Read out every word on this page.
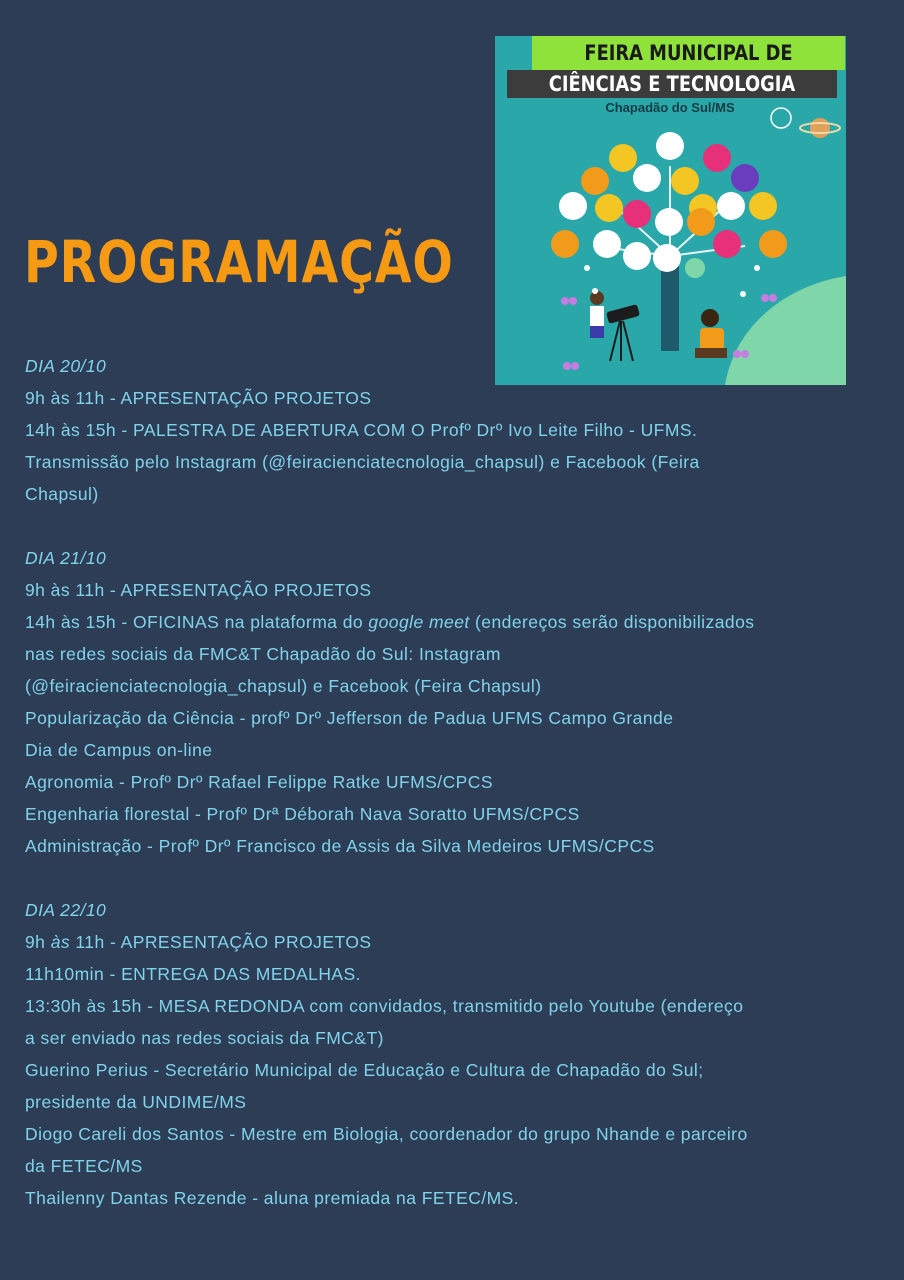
PROGRAMAÇÃO
FEIRA MUNICIPAL DE
CIÊNCIAS E TECNOLOGIA
Chapadão do Sul/MS

DIA 20/10

9h às 11h - APRESENTAÇÃO PROJETOS

14h às 15h - PALESTRA DE ABERTURA COM O Profº Drº Ivo Leite Filho - UFMS.

Transmissão pelo Instagram (@feiracienciatecnologia_chapsul) e Facebook (Feira

Chapsul)

DIA 21/10

9h às 11h - APRESENTAÇÃO PROJETOS

14h às 15h - OFICINAS na plataforma do google meet (endereços serão disponibilizados

nas redes sociais da FMC&T Chapadão do Sul: Instagram

(@feiracienciatecnologia_chapsul) e Facebook (Feira Chapsul)

Popularização da Ciência - profº Drº Jefferson de Padua UFMS Campo Grande

Dia de Campus on-line

Agronomia - Profº Drº Rafael Felippe Ratke UFMS/CPCS

Engenharia florestal - Profº Drª Déborah Nava Soratto UFMS/CPCS

Administração - Profº Drº Francisco de Assis da Silva Medeiros UFMS/CPCS

DIA 22/10

9h às 11h - APRESENTAÇÃO PROJETOS

11h10min - ENTREGA DAS MEDALHAS.

13:30h às 15h - MESA REDONDA com convidados, transmitido pelo Youtube (endereço

a ser enviado nas redes sociais da FMC&T)

Guerino Perius - Secretário Municipal de Educação e Cultura de Chapadão do Sul;

presidente da UNDIME/MS

Diogo Careli dos Santos - Mestre em Biologia, coordenador do grupo Nhande e parceiro

da FETEC/MS

Thailenny Dantas Rezende - aluna premiada na FETEC/MS.
